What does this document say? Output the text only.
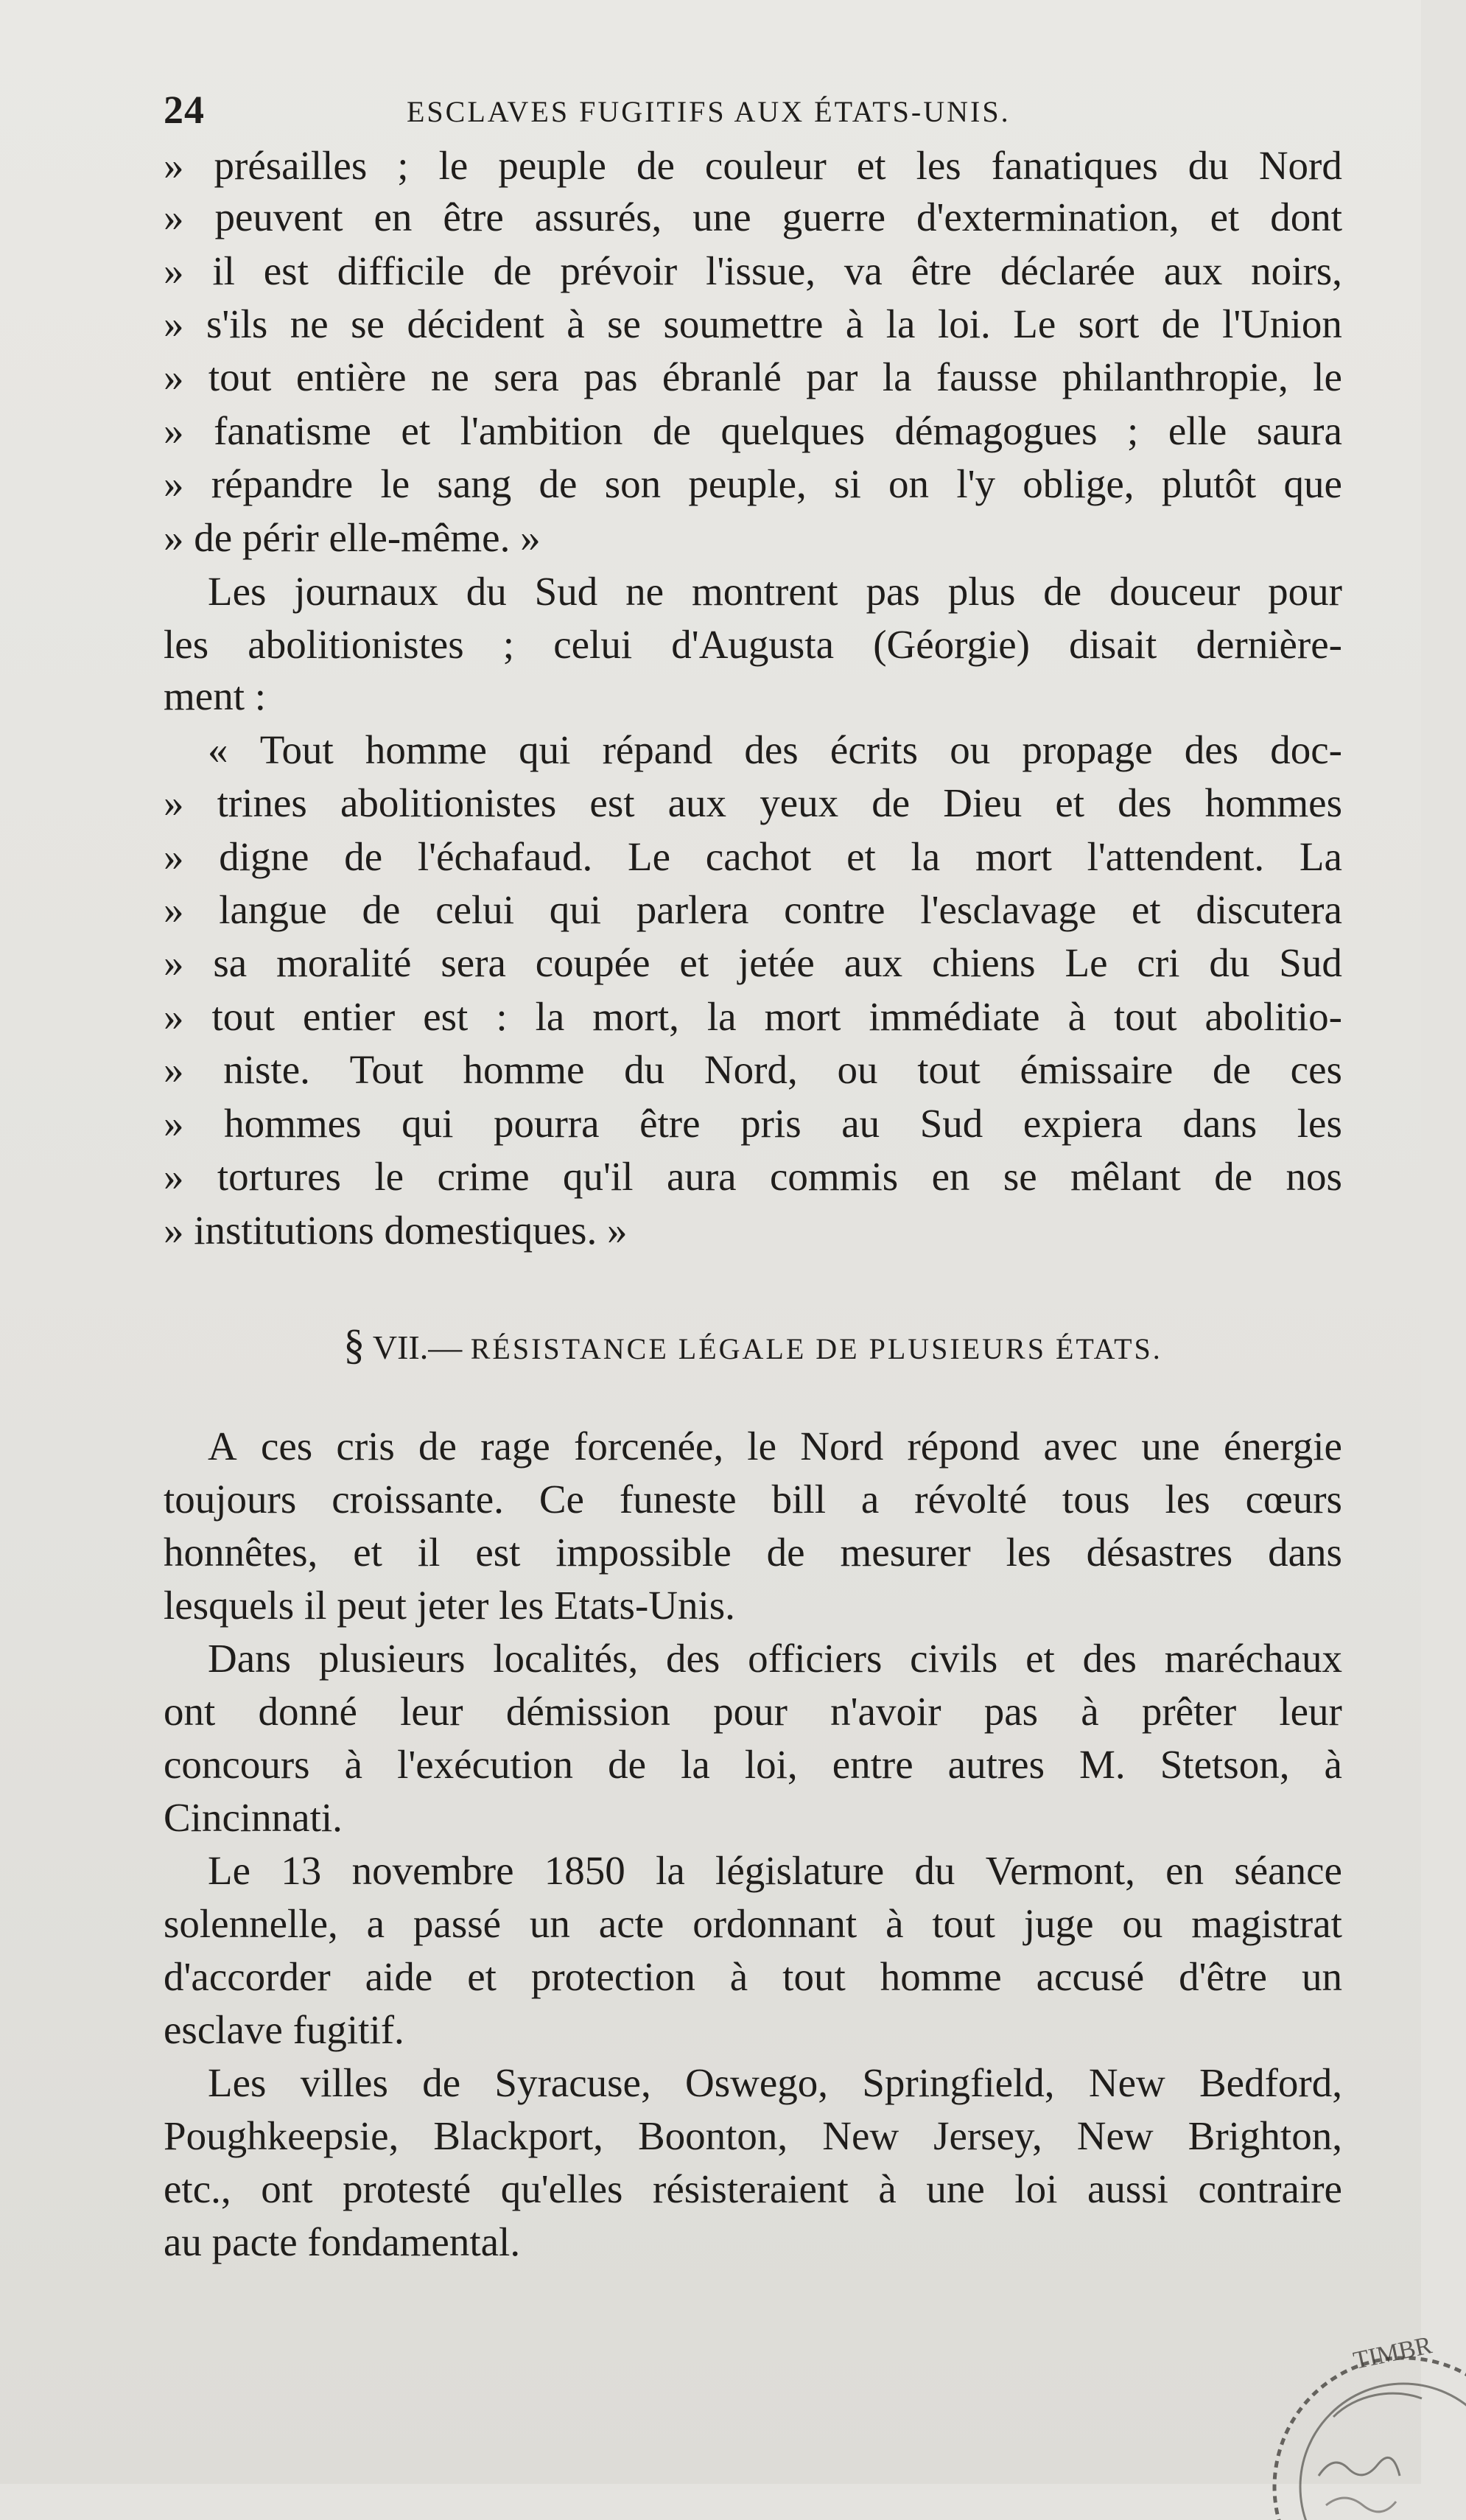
24	ESCLAVES FUGITIFS AUX ÉTATS-UNIS.
» présailles ; le peuple de couleur et les fanatiques du Nord
» peuvent en être assurés, une guerre d'extermination, et dont
» il est difficile de prévoir l'issue, va être déclarée aux noirs,
» s'ils ne se décident à se soumettre à la loi. Le sort de l'Union
» tout entière ne sera pas ébranlé par la fausse philanthropie, le
» fanatisme et l'ambition de quelques démagogues ; elle saura
» répandre le sang de son peuple, si on l'y oblige, plutôt que
» de périr elle-même. »
Les journaux du Sud ne montrent pas plus de douceur pour
les abolitionistes ; celui d'Augusta (Géorgie) disait dernière-
ment :
« Tout homme qui répand des écrits ou propage des doc-
» trines abolitionistes est aux yeux de Dieu et des hommes
» digne de l'échafaud. Le cachot et la mort l'attendent. La
» langue de celui qui parlera contre l'esclavage et discutera
» sa moralité sera coupée et jetée aux chiens Le cri du Sud
» tout entier est : la mort, la mort immédiate à tout abolitio-
» niste. Tout homme du Nord, ou tout émissaire de ces
» hommes qui pourra être pris au Sud expiera dans les
» tortures le crime qu'il aura commis en se mêlant de nos
» institutions domestiques. »
§ VII.— RÉSISTANCE LÉGALE DE PLUSIEURS ÉTATS.
A ces cris de rage forcenée, le Nord répond avec une énergie
toujours croissante. Ce funeste bill a révolté tous les cœurs
honnêtes, et il est impossible de mesurer les désastres dans
lesquels il peut jeter les Etats-Unis.
Dans plusieurs localités, des officiers civils et des maréchaux
ont donné leur démission pour n'avoir pas à prêter leur
concours à l'exécution de la loi, entre autres M. Stetson, à
Cincinnati.
Le 13 novembre 1850 la législature du Vermont, en séance
solennelle, a passé un acte ordonnant à tout juge ou magistrat
d'accorder aide et protection à tout homme accusé d'être un
esclave fugitif.
Les villes de Syracuse, Oswego, Springfield, New Bedford,
Poughkeepsie, Blackport, Boonton, New Jersey, New Brighton,
etc., ont protesté qu'elles résisteraient à une loi aussi contraire
au pacte fondamental.
TIMBR
